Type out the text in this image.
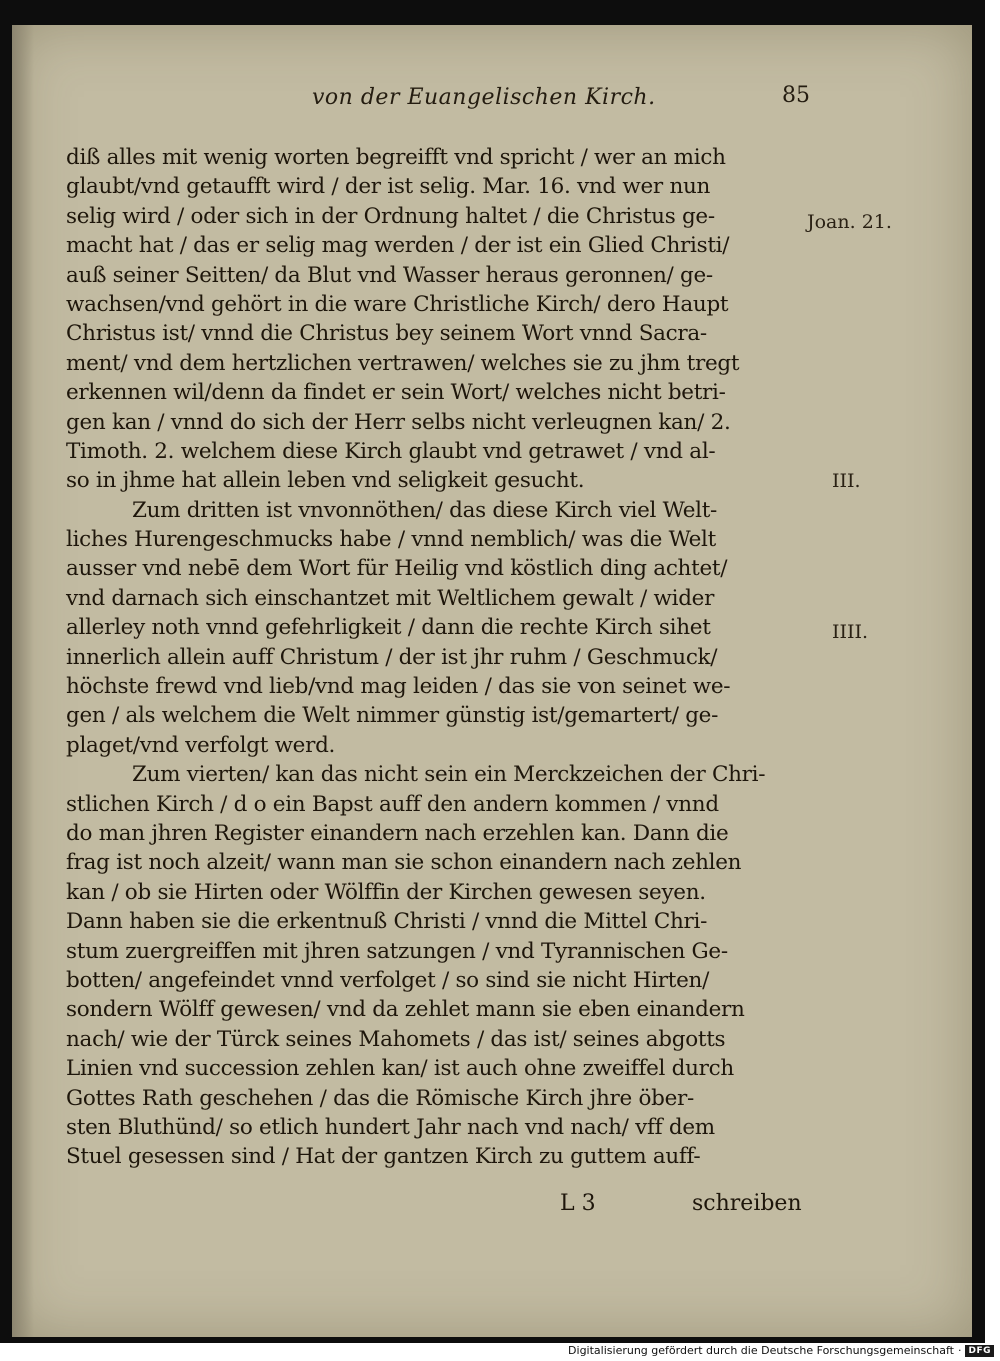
von der Euangelischen Kirch.	85
diß alles mit wenig worten begreifft vnd spricht / wer an mich
glaubt/vnd getaufft wird / der ist selig. Mar. 16. vnd wer nun
selig wird / oder sich in der Ordnung haltet / die Christus ge-
macht hat / das er selig mag werden / der ist ein Glied Christi/
auß seiner Seitten/ da Blut vnd Wasser heraus geronnen/ ge-
wachsen/vnd gehört in die ware Christliche Kirch/ dero Haupt
Christus ist/ vnnd die Christus bey seinem Wort vnnd Sacra-
ment/ vnd dem hertzlichen vertrawen/ welches sie zu jhm tregt
erkennen wil/denn da findet er sein Wort/ welches nicht betri-
gen kan / vnnd do sich der Herr selbs nicht verleugnen kan/ 2.
Timoth. 2. welchem diese Kirch glaubt vnd getrawet / vnd al-
so in jhme hat allein leben vnd seligkeit gesucht.
Zum dritten ist vnvonnöthen/ das diese Kirch viel Welt-
liches Hurengeschmucks habe / vnnd nemblich/ was die Welt
ausser vnd nebē dem Wort für Heilig vnd köstlich ding achtet/
vnd darnach sich einschantzet mit Weltlichem gewalt / wider
allerley noth vnnd gefehrligkeit / dann die rechte Kirch sihet
innerlich allein auff Christum / der ist jhr ruhm / Geschmuck/
höchste frewd vnd lieb/vnd mag leiden / das sie von seinet we-
gen / als welchem die Welt nimmer günstig ist/gemartert/ ge-
plaget/vnd verfolgt werd.
Zum vierten/ kan das nicht sein ein Merckzeichen der Chri-
stlichen Kirch / d o ein Bapst auff den andern kommen / vnnd
do man jhren Register einandern nach erzehlen kan. Dann die
frag ist noch alzeit/ wann man sie schon einandern nach zehlen
kan / ob sie Hirten oder Wölffin der Kirchen gewesen seyen.
Dann haben sie die erkentnuß Christi / vnnd die Mittel Chri-
stum zuergreiffen mit jhren satzungen / vnd Tyrannischen Ge-
botten/ angefeindet vnnd verfolget / so sind sie nicht Hirten/
sondern Wölff gewesen/ vnd da zehlet mann sie eben einandern
nach/ wie der Türck seines Mahomets / das ist/ seines abgotts
Linien vnd succession zehlen kan/ ist auch ohne zweiffel durch
Gottes Rath geschehen / das die Römische Kirch jhre öber-
sten Bluthünd/ so etlich hundert Jahr nach vnd nach/ vff dem
Stuel gesessen sind / Hat der gantzen Kirch zu guttem auff-
Joan. 21.
III.
IIII.
L 3	schreiben
Digitalisierung gefördert durch die Deutsche Forschungsgemeinschaft · DFG
